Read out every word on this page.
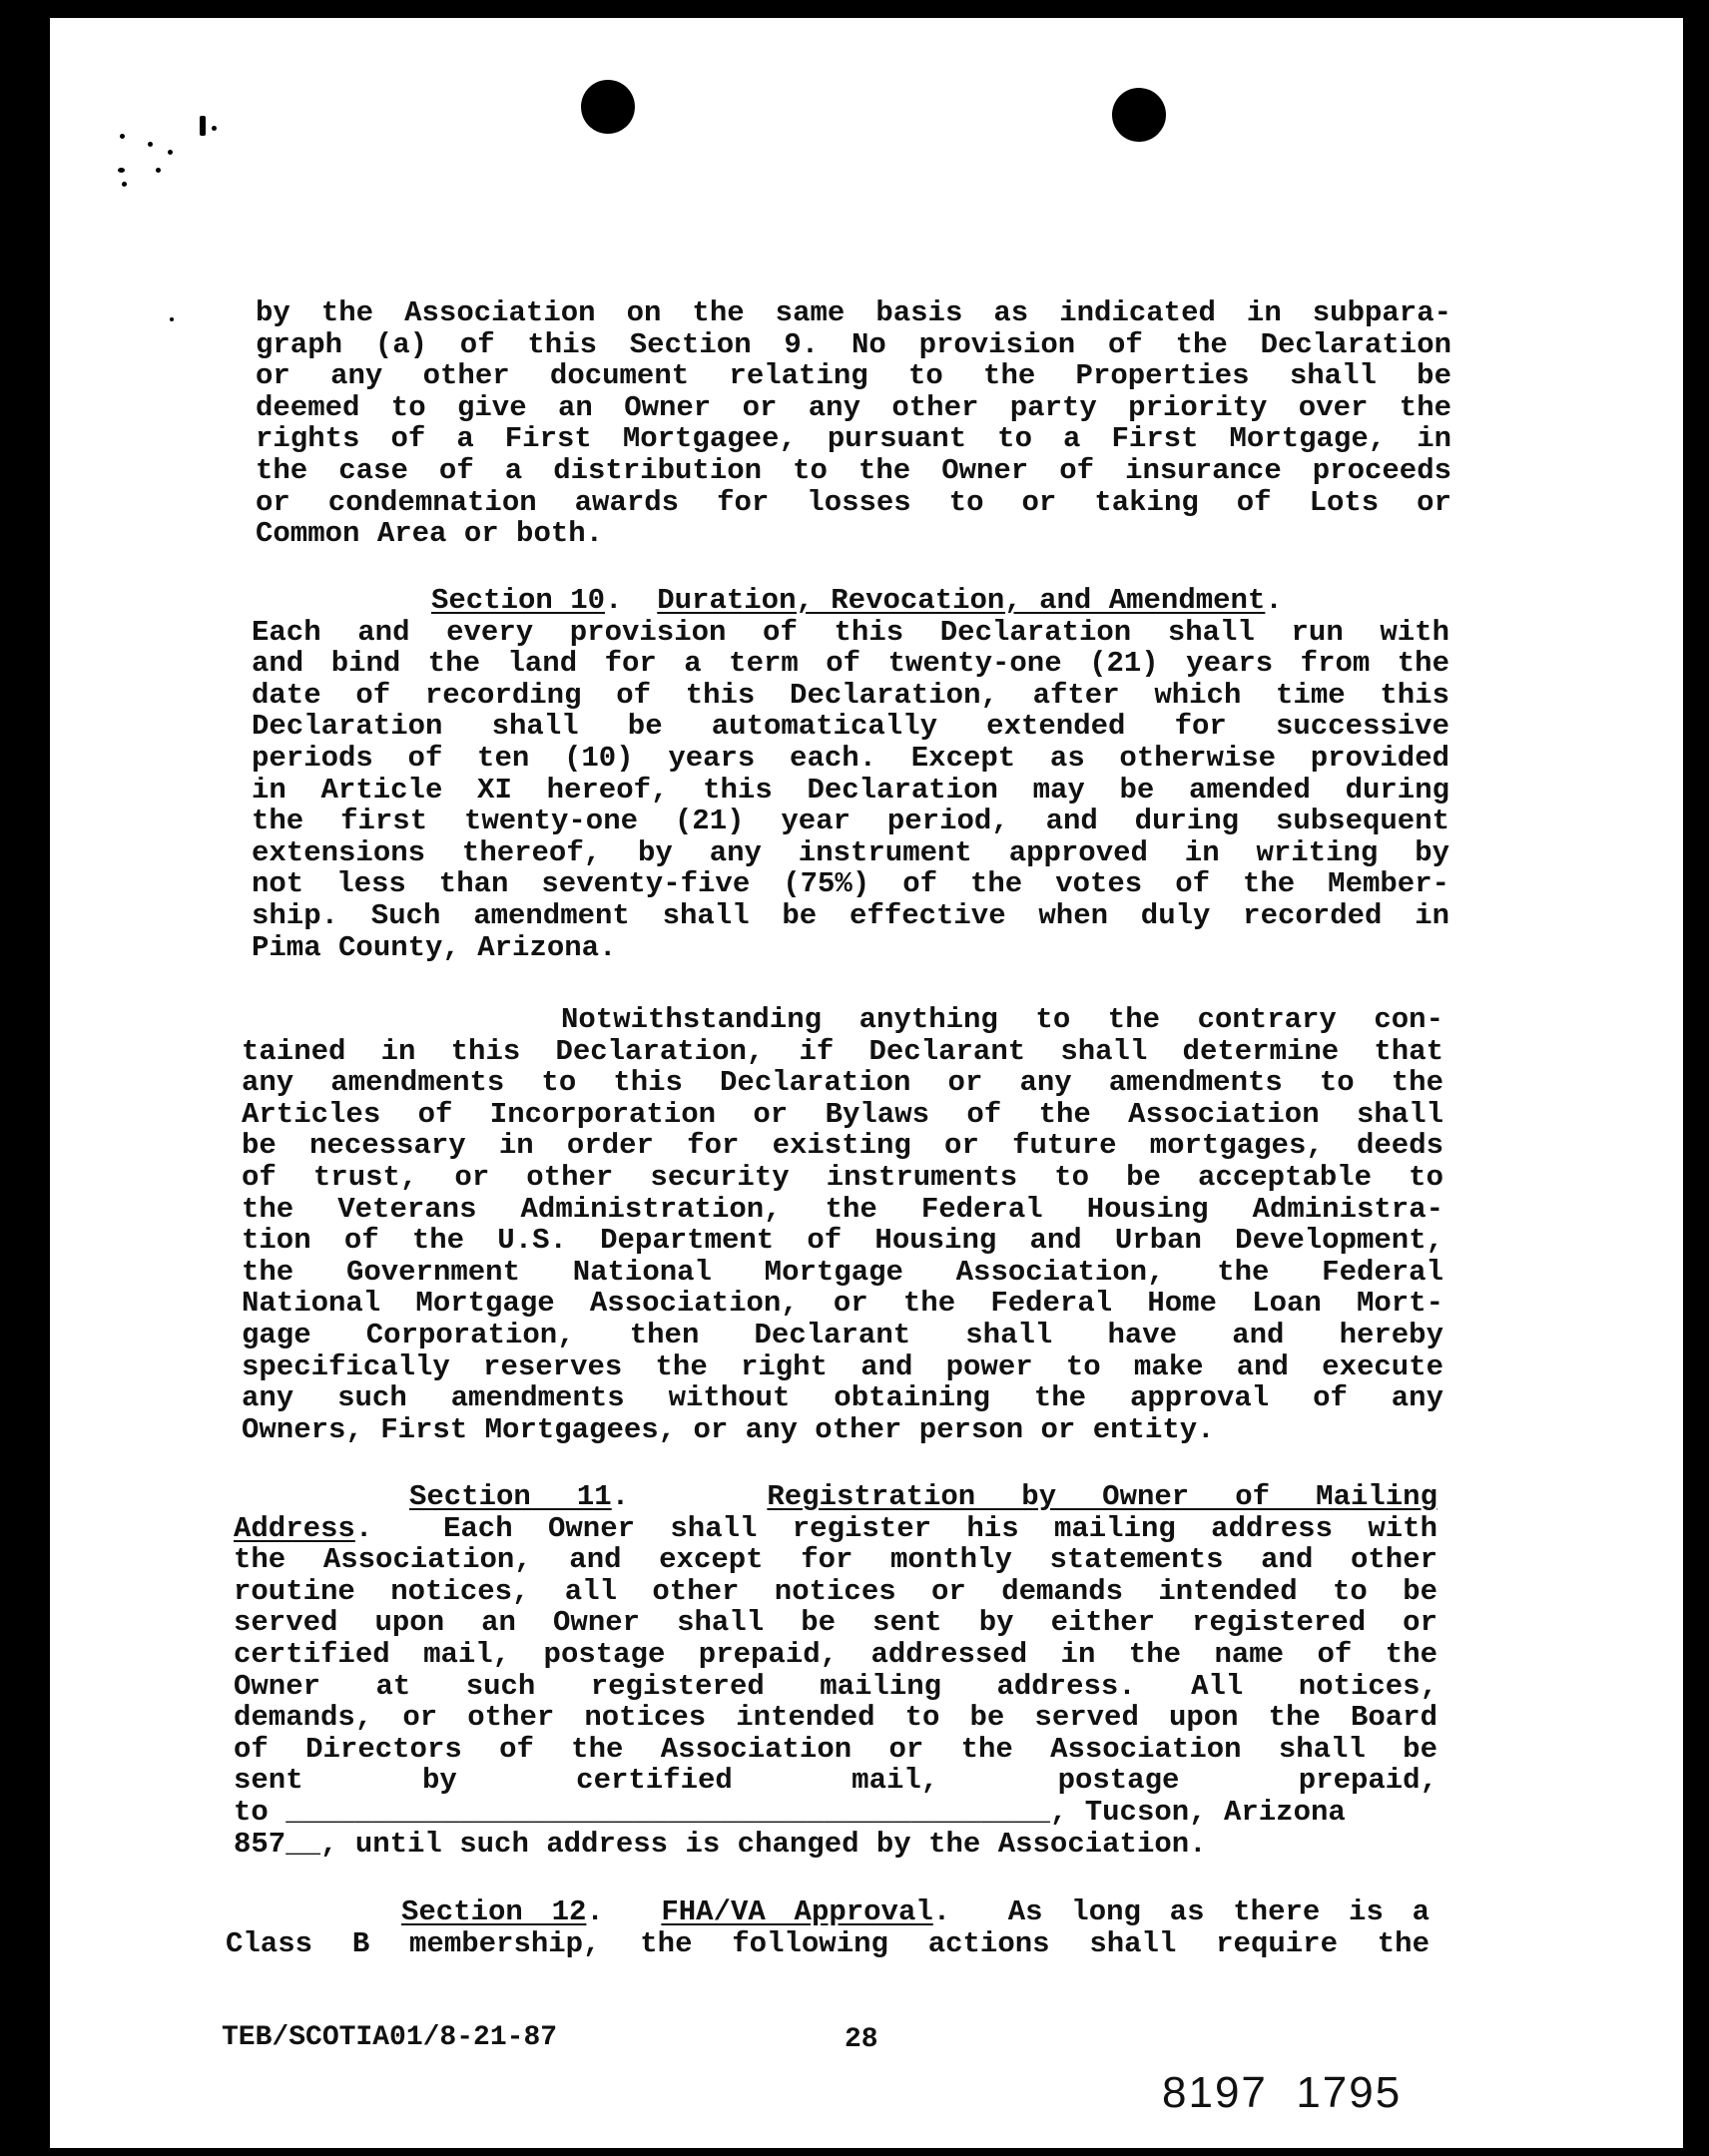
by the Association on the same basis as indicated in subpara-
graph (a) of this Section 9. No provision of the Declaration
or any other document relating to the Properties shall be
deemed to give an Owner or any other party priority over the
rights of a First Mortgagee, pursuant to a First Mortgage, in
the case of a distribution to the Owner of insurance proceeds
or condemnation awards for losses to or taking of Lots or
Common Area or both.
Section 10.  Duration, Revocation, and Amendment.
Each and every provision of this Declaration shall run with
and bind the land for a term of twenty-one (21) years from the
date of recording of this Declaration, after which time this
Declaration shall be automatically extended for successive
periods of ten (10) years each. Except as otherwise provided
in Article XI hereof, this Declaration may be amended during
the first twenty-one (21) year period, and during subsequent
extensions thereof, by any instrument approved in writing by
not less than seventy-five (75%) of the votes of the Member-
ship. Such amendment shall be effective when duly recorded in
Pima County, Arizona.
Notwithstanding anything to the contrary con-
tained in this Declaration, if Declarant shall determine that
any amendments to this Declaration or any amendments to the
Articles of Incorporation or Bylaws of the Association shall
be necessary in order for existing or future mortgages, deeds
of trust, or other security instruments to be acceptable to
the Veterans Administration, the Federal Housing Administra-
tion of the U.S. Department of Housing and Urban Development,
the Government National Mortgage Association, the Federal
National Mortgage Association, or the Federal Home Loan Mort-
gage Corporation, then Declarant shall have and hereby
specifically reserves the right and power to make and execute
any such amendments without obtaining the approval of any
Owners, First Mortgagees, or any other person or entity.
Section 11.   Registration by Owner of Mailing
Address.  Each Owner shall register his mailing address with
the Association, and except for monthly statements and other
routine notices, all other notices or demands intended to be
served upon an Owner shall be sent by either registered or
certified mail, postage prepaid, addressed in the name of the
Owner at such registered mailing address. All notices,
demands, or other notices intended to be served upon the Board
of Directors of the Association or the Association shall be
sent by certified mail, postage prepaid,
to ____________________________________________, Tucson, Arizona
857__, until such address is changed by the Association.
Section 12.  FHA/VA Approval.  As long as there is a
Class B membership, the following actions shall require the
TEB/SCOTIA01/8-21-87	28
8197  1795
